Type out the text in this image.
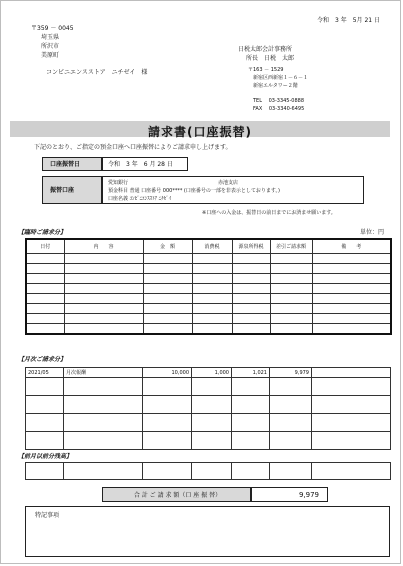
令和　3 年　5月 21 日
〒359 － 0045
埼玉県
所沢市
美原町
コンビニエンスストア　ニチゼイ　 様
日税太郎会計事務所
所長　 日税　太郎
〒163 － 1529
新宿区西新宿１－６－１
新宿エルタワー２階
TEL　 03-3345-0888
FAX　 03-3340-6495
請求書(口座振替)
下記のとおり、ご指定の預金口座へ口座振替によりご請求申し上げます。
口座振替日	令和　3 年　6 月 28 日
振替口座
愛知銀行	赤池支店
預金科目 普通 口座番号 000**** (口座番号の一部を非表示としております。)
口座名義 ｺﾝﾋﾞﾆｴﾝｽｽﾄｱ ﾆﾁｾﾞｲ
※口座への入金は、振替日の前日までにお済ませ願います。
【臨時ご請求分】	単位：円
日付	内　　容	金　額	消費税	源泉所得税	差引ご請求額	備　　考

【月次ご請求分】
2021/05	月次報酬	10,000	1,000	1,021	9,979	

【前月以前分残高】

合 計 ご 請 求 額（口 座 振 替）	9,979
特記事項
